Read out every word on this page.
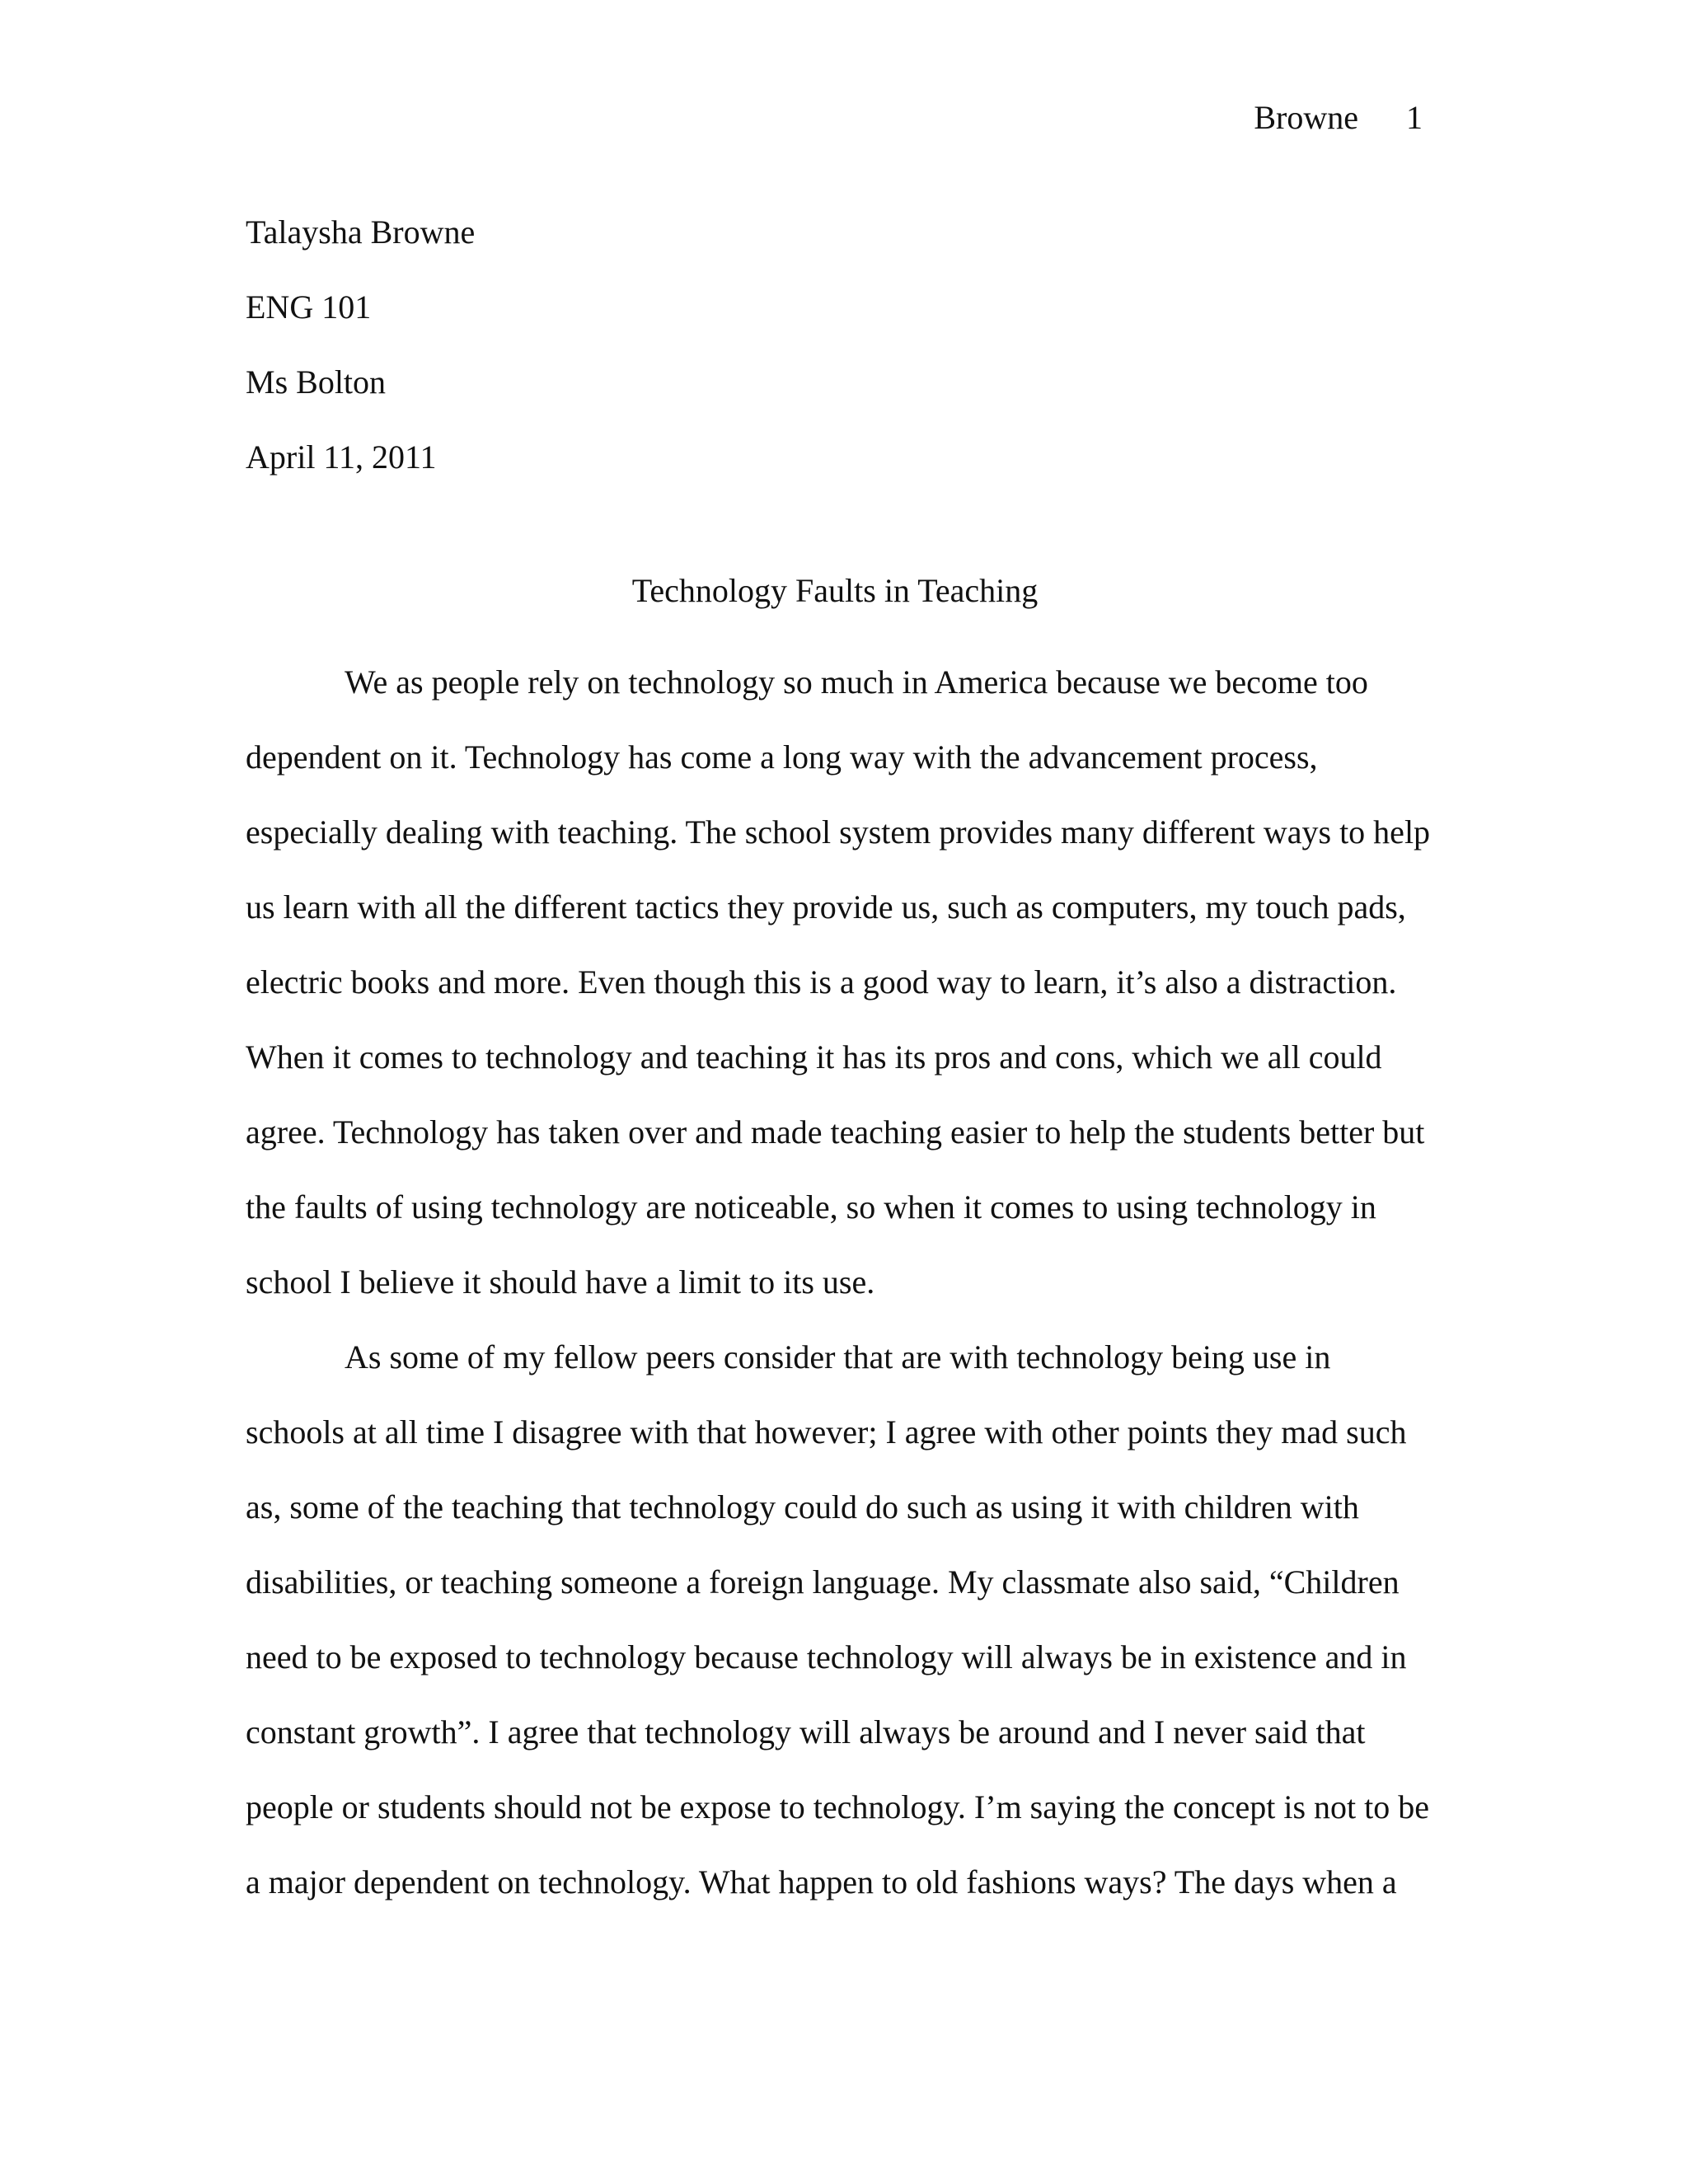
Browne 1
Talaysha Browne
ENG 101
Ms Bolton
April 11, 2011
Technology Faults in Teaching
We as people rely on technology so much in America because we become too
dependent on it. Technology has come a long way with the advancement process,
especially dealing with teaching. The school system provides many different ways to help
us learn with all the different tactics they provide us, such as computers, my touch pads,
electric books and more. Even though this is a good way to learn, it’s also a distraction.
When it comes to technology and teaching it has its pros and cons, which we all could
agree. Technology has taken over and made teaching easier to help the students better but
the faults of using technology are noticeable, so when it comes to using technology in
school I believe it should have a limit to its use.
As some of my fellow peers consider that are with technology being use in
schools at all time I disagree with that however; I agree with other points they mad such
as, some of the teaching that technology could do such as using it with children with
disabilities, or teaching someone a foreign language. My classmate also said, “Children
need to be exposed to technology because technology will always be in existence and in
constant growth”. I agree that technology will always be around and I never said that
people or students should not be expose to technology. I’m saying the concept is not to be
a major dependent on technology. What happen to old fashions ways? The days when a
